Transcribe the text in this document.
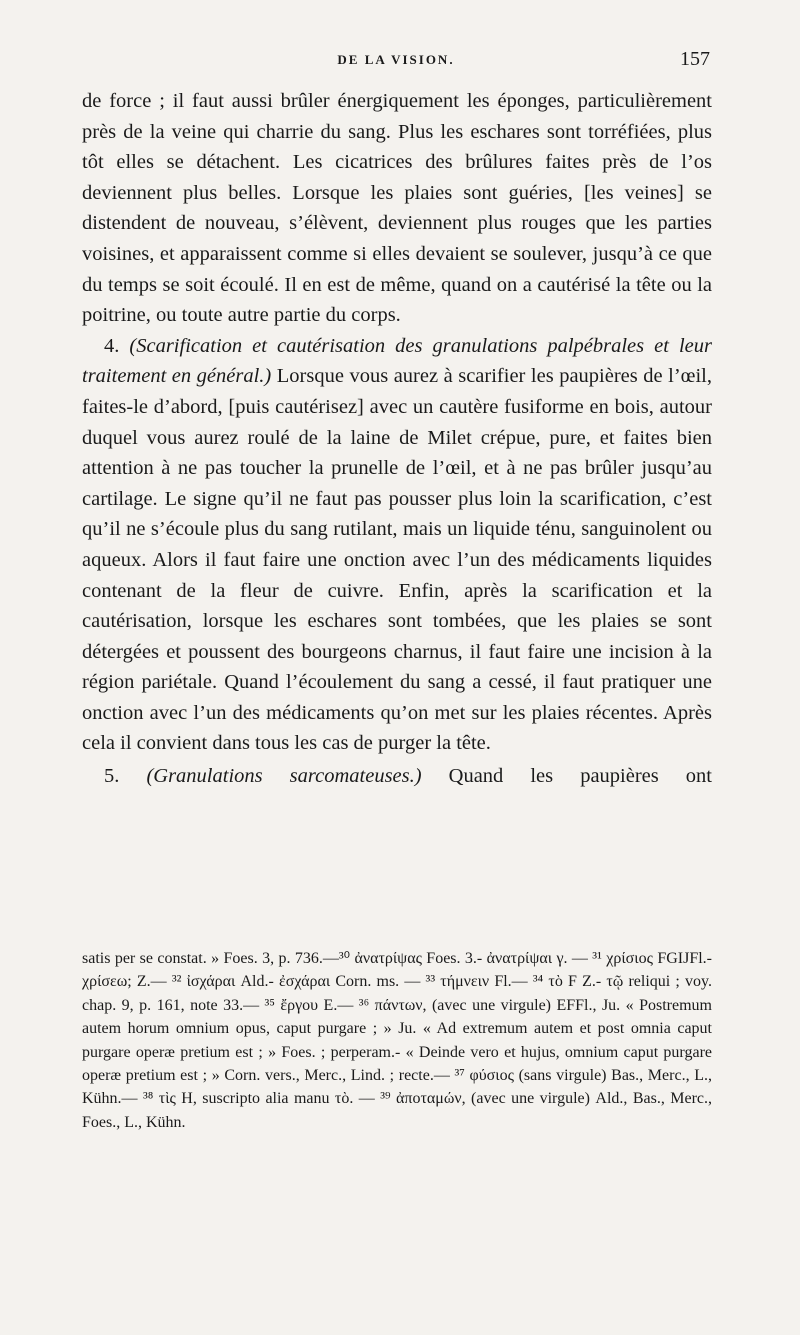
DE LA VISION.	157

de force ; il faut aussi brûler énergiquement les éponges, particulièrement près de la veine qui charrie du sang. Plus les eschares sont torréfiées, plus tôt elles se détachent. Les cicatrices des brûlures faites près de l’os deviennent plus belles. Lorsque les plaies sont guéries, [les veines] se distendent de nouveau, s’élèvent, deviennent plus rouges que les parties voisines, et apparaissent comme si elles devaient se soulever, jusqu’à ce que du temps se soit écoulé. Il en est de même, quand on a cautérisé la tête ou la poitrine, ou toute autre partie du corps.

4. (Scarification et cautérisation des granulations palpébrales et leur traitement en général.) Lorsque vous aurez à scarifier les paupières de l’œil, faites-le d’abord, [puis cautérisez] avec un cautère fusiforme en bois, autour duquel vous aurez roulé de la laine de Milet crépue, pure, et faites bien attention à ne pas toucher la prunelle de l’œil, et à ne pas brûler jusqu’au cartilage. Le signe qu’il ne faut pas pousser plus loin la scarification, c’est qu’il ne s’écoule plus du sang rutilant, mais un liquide ténu, sanguinolent ou aqueux. Alors il faut faire une onction avec l’un des médicaments liquides contenant de la fleur de cuivre. Enfin, après la scarification et la cautérisation, lorsque les eschares sont tombées, que les plaies se sont détergées et poussent des bourgeons charnus, il faut faire une incision à la région pariétale. Quand l’écoulement du sang a cessé, il faut pratiquer une onction avec l’un des médicaments qu’on met sur les plaies récentes. Après cela il convient dans tous les cas de purger la tête.

5. (Granulations sarcomateuses.) Quand les paupières ont

satis per se constat. » Foes. 3, p. 736.—³⁰ ἀνατρίψας Foes. 3.- ἀνατρίψαι γ. — ³¹ χρίσιος FGIJFl.- χρίσεω; Z.— ³² ἰσχάραι Ald.- ἐσχάραι Corn. ms. — ³³ τήμνειν Fl.— ³⁴ τὸ F Z.- τῷ reliqui ; voy. chap. 9, p. 161, note 33.— ³⁵ ἔργου E.— ³⁶ πάντων, (avec une virgule) EFFl., Ju. « Postremum autem horum omnium opus, caput purgare ; » Ju. « Ad extremum autem et post omnia caput purgare operæ pretium est ; » Foes. ; perperam.- « Deinde vero et hujus, omnium caput purgare operæ pretium est ; » Corn. vers., Merc., Lind. ; recte.— ³⁷ φύσιος (sans virgule) Bas., Merc., L., Kühn.— ³⁸ τὶς H, suscripto alia manu τὸ. — ³⁹ ἀποταμών, (avec une virgule) Ald., Bas., Merc., Foes., L., Kühn.
